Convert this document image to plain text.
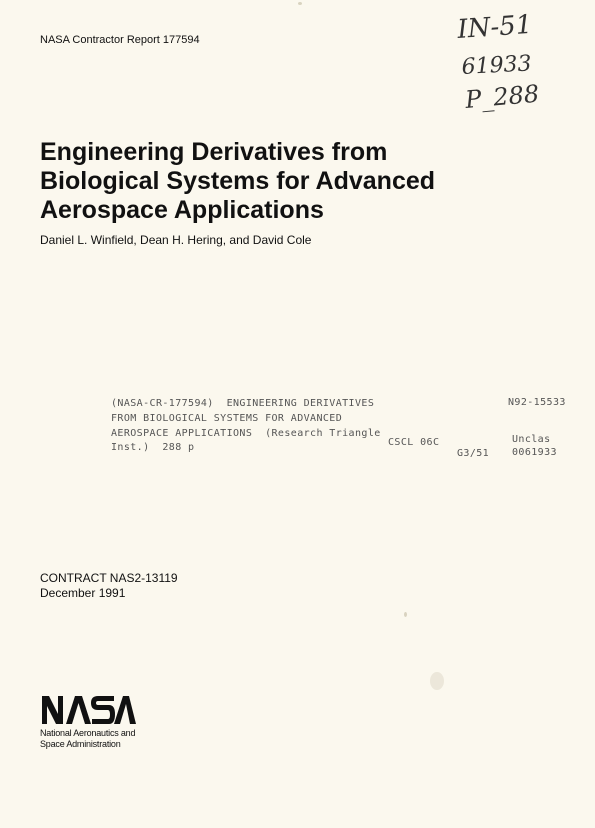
NASA Contractor Report 177594	IN-51
61933
P_288
Engineering Derivatives from
Biological Systems for Advanced
Aerospace Applications
Daniel L. Winfield, Dean H. Hering, and David Cole
(NASA-CR-177594)  ENGINEERING DERIVATIVES
FROM BIOLOGICAL SYSTEMS FOR ADVANCED
AEROSPACE APPLICATIONS  (Research Triangle
Inst.)  288 p
N92-15533
CSCL 06C	Unclas
G3/51 0061933
CONTRACT NAS2-13119
December 1991
National Aeronautics and
Space Administration
